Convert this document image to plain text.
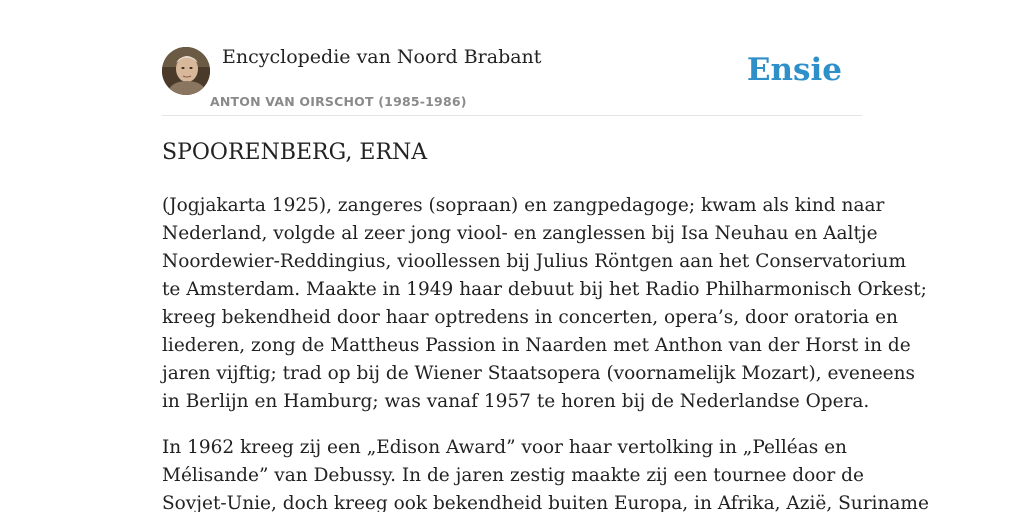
Encyclopedie van Noord Brabant
ANTON VAN OIRSCHOT (1985-1986)
Ensie
SPOORENBERG, ERNA

(Jogjakarta 1925), zangeres (sopraan) en zangpedagoge; kwam als kind naar
Nederland, volgde al zeer jong viool- en zanglessen bij Isa Neuhau en Aaltje
Noordewier-Reddingius, vioollessen bij Julius Röntgen aan het Conservatorium
te Amsterdam. Maakte in 1949 haar debuut bij het Radio Philharmonisch Orkest;
kreeg bekendheid door haar optredens in concerten, opera’s, door oratoria en
liederen, zong de Mattheus Passion in Naarden met Anthon van der Horst in de
jaren vijftig; trad op bij de Wiener Staatsopera (voornamelijk Mozart), eveneens
in Berlijn en Hamburg; was vanaf 1957 te horen bij de Nederlandse Opera.

In 1962 kreeg zij een „Edison Award” voor haar vertolking in „Pelléas en
Mélisande” van Debussy. In de jaren zestig maakte zij een tournee door de
Sovjet-Unie, doch kreeg ook bekendheid buiten Europa, in Afrika, Azië, Suriname
